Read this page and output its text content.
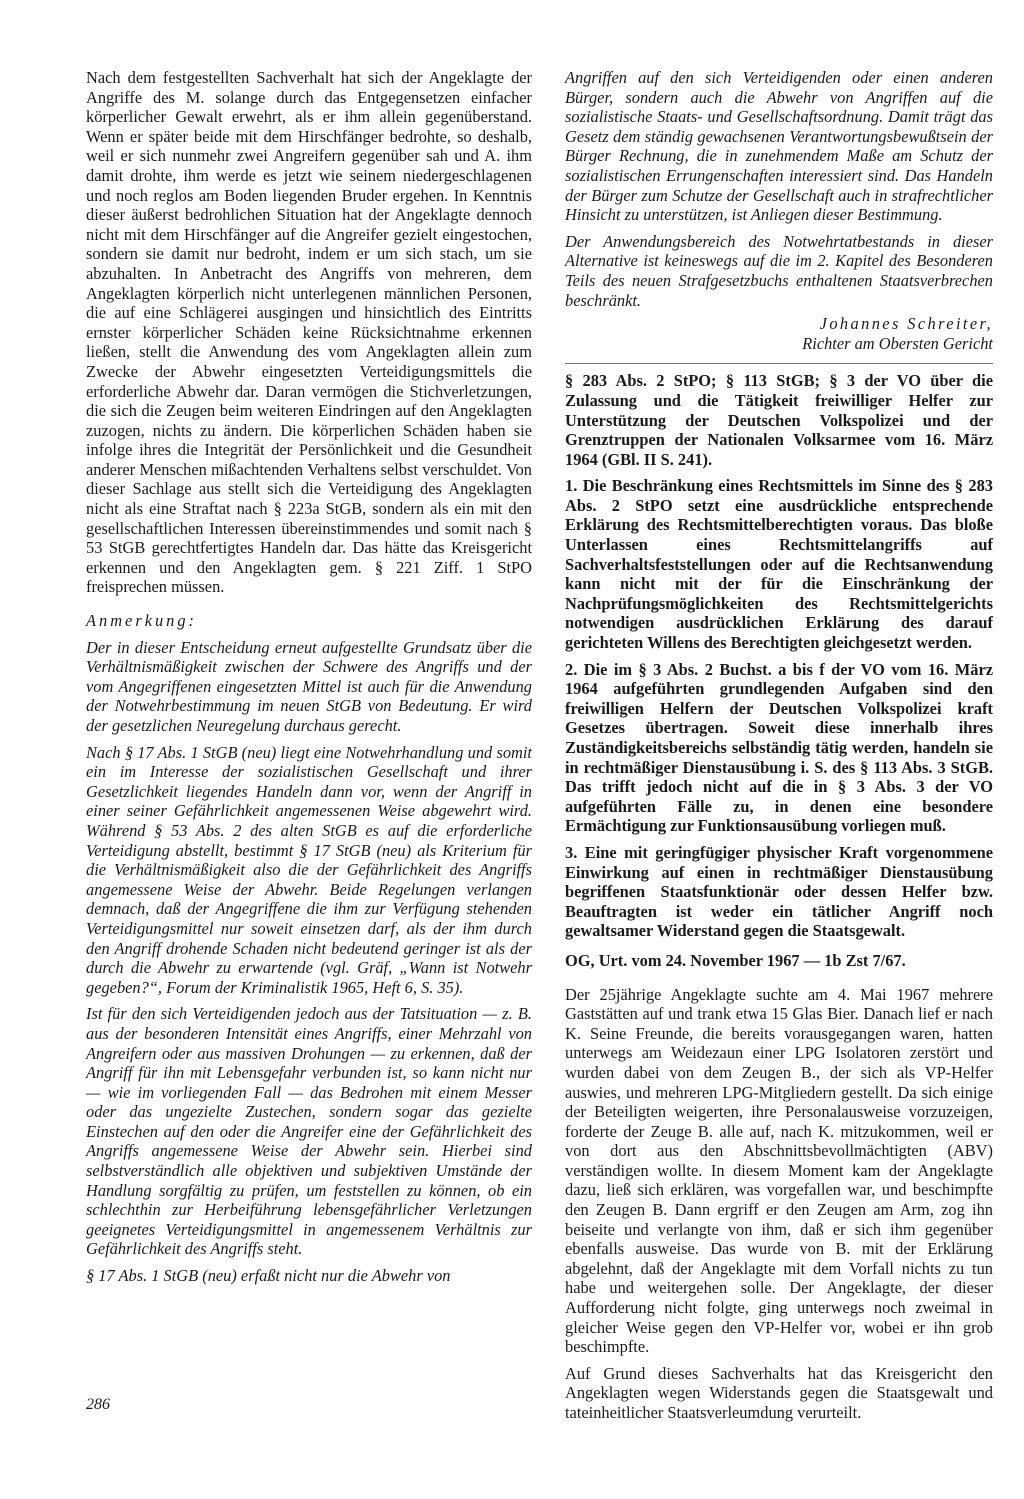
Nach dem festgestellten Sachverhalt hat sich der Angeklagte der Angriffe des M. solange durch das Entgegensetzen einfacher körperlicher Gewalt erwehrt, als er ihm allein gegenüberstand. Wenn er später beide mit dem Hirschfänger bedrohte, so deshalb, weil er sich nunmehr zwei Angreifern gegenüber sah und A. ihm damit drohte, ihm werde es jetzt wie seinem niedergeschlagenen und noch reglos am Boden liegenden Bruder ergehen. In Kenntnis dieser äußerst bedrohlichen Situation hat der Angeklagte dennoch nicht mit dem Hirschfänger auf die Angreifer gezielt eingestochen, sondern sie damit nur bedroht, indem er um sich stach, um sie abzuhalten. In Anbetracht des Angriffs von mehreren, dem Angeklagten körperlich nicht unterlegenen männlichen Personen, die auf eine Schlägerei ausgingen und hinsichtlich des Eintritts ernster körperlicher Schäden keine Rücksichtnahme erkennen ließen, stellt die Anwendung des vom Angeklagten allein zum Zwecke der Abwehr eingesetzten Verteidigungsmittels die erforderliche Abwehr dar. Daran vermögen die Stichverletzungen, die sich die Zeugen beim weiteren Eindringen auf den Angeklagten zuzogen, nichts zu ändern. Die körperlichen Schäden haben sie infolge ihres die Integrität der Persönlichkeit und die Gesundheit anderer Menschen mißachtenden Verhaltens selbst verschuldet. Von dieser Sachlage aus stellt sich die Verteidigung des Angeklagten nicht als eine Straftat nach § 223a StGB, sondern als ein mit den gesellschaftlichen Interessen übereinstimmendes und somit nach § 53 StGB gerechtfertigtes Handeln dar. Das hätte das Kreisgericht erkennen und den Angeklagten gem. § 221 Ziff. 1 StPO freisprechen müssen.

Anmerkung:

Der in dieser Entscheidung erneut aufgestellte Grundsatz über die Verhältnismäßigkeit zwischen der Schwere des Angriffs und der vom Angegriffenen eingesetzten Mittel ist auch für die Anwendung der Notwehrbestimmung im neuen StGB von Bedeutung. Er wird der gesetzlichen Neuregelung durchaus gerecht.

Nach § 17 Abs. 1 StGB (neu) liegt eine Notwehrhandlung und somit ein im Interesse der sozialistischen Gesellschaft und ihrer Gesetzlichkeit liegendes Handeln dann vor, wenn der Angriff in einer seiner Gefährlichkeit angemessenen Weise abgewehrt wird. Während § 53 Abs. 2 des alten StGB es auf die erforderliche Verteidigung abstellt, bestimmt § 17 StGB (neu) als Kriterium für die Verhältnismäßigkeit also die der Gefährlichkeit des Angriffs angemessene Weise der Abwehr. Beide Regelungen verlangen demnach, daß der Angegriffene die ihm zur Verfügung stehenden Verteidigungsmittel nur soweit einsetzen darf, als der ihm durch den Angriff drohende Schaden nicht bedeutend geringer ist als der durch die Abwehr zu erwartende (vgl. Gräf, „Wann ist Notwehr gegeben?“, Forum der Kriminalistik 1965, Heft 6, S. 35).

Ist für den sich Verteidigenden jedoch aus der Tatsituation — z. B. aus der besonderen Intensität eines Angriffs, einer Mehrzahl von Angreifern oder aus massiven Drohungen — zu erkennen, daß der Angriff für ihn mit Lebensgefahr verbunden ist, so kann nicht nur — wie im vorliegenden Fall — das Bedrohen mit einem Messer oder das ungezielte Zustechen, sondern sogar das gezielte Einstechen auf den oder die Angreifer eine der Gefährlichkeit des Angriffs angemessene Weise der Abwehr sein. Hierbei sind selbstverständlich alle objektiven und subjektiven Umstände der Handlung sorgfältig zu prüfen, um feststellen zu können, ob ein schlechthin zur Herbeiführung lebensgefährlicher Verletzungen geeignetes Verteidigungsmittel in angemessenem Verhältnis zur Gefährlichkeit des Angriffs steht.

§ 17 Abs. 1 StGB (neu) erfaßt nicht nur die Abwehr von

Angriffen auf den sich Verteidigenden oder einen anderen Bürger, sondern auch die Abwehr von Angriffen auf die sozialistische Staats- und Gesellschaftsordnung. Damit trägt das Gesetz dem ständig gewachsenen Verantwortungsbewußtsein der Bürger Rechnung, die in zunehmendem Maße am Schutz der sozialistischen Errungenschaften interessiert sind. Das Handeln der Bürger zum Schutze der Gesellschaft auch in strafrechtlicher Hinsicht zu unterstützen, ist Anliegen dieser Bestimmung.

Der Anwendungsbereich des Notwehrtatbestands in dieser Alternative ist keineswegs auf die im 2. Kapitel des Besonderen Teils des neuen Strafgesetzbuchs enthaltenen Staatsverbrechen beschränkt.

Johannes Schreiter,
Richter am Obersten Gericht

§ 283 Abs. 2 StPO; § 113 StGB; § 3 der VO über die Zulassung und die Tätigkeit freiwilliger Helfer zur Unterstützung der Deutschen Volkspolizei und der Grenztruppen der Nationalen Volksarmee vom 16. März 1964 (GBl. II S. 241).

1. Die Beschränkung eines Rechtsmittels im Sinne des § 283 Abs. 2 StPO setzt eine ausdrückliche entsprechende Erklärung des Rechtsmittelberechtigten voraus. Das bloße Unterlassen eines Rechtsmittelangriffs auf Sachverhaltsfeststellungen oder auf die Rechtsanwendung kann nicht mit der für die Einschränkung der Nachprüfungsmöglichkeiten des Rechtsmittelgerichts notwendigen ausdrücklichen Erklärung des darauf gerichteten Willens des Berechtigten gleichgesetzt werden.

2. Die im § 3 Abs. 2 Buchst. a bis f der VO vom 16. März 1964 aufgeführten grundlegenden Aufgaben sind den freiwilligen Helfern der Deutschen Volkspolizei kraft Gesetzes übertragen. Soweit diese innerhalb ihres Zuständigkeitsbereichs selbständig tätig werden, handeln sie in rechtmäßiger Dienstausübung i. S. des § 113 Abs. 3 StGB. Das trifft jedoch nicht auf die in § 3 Abs. 3 der VO aufgeführten Fälle zu, in denen eine besondere Ermächtigung zur Funktionsausübung vorliegen muß.

3. Eine mit geringfügiger physischer Kraft vorgenommene Einwirkung auf einen in rechtmäßiger Dienstausübung begriffenen Staatsfunktionär oder dessen Helfer bzw. Beauftragten ist weder ein tätlicher Angriff noch gewaltsamer Widerstand gegen die Staatsgewalt.

OG, Urt. vom 24. November 1967 — 1b Zst 7/67.

Der 25jährige Angeklagte suchte am 4. Mai 1967 mehrere Gaststätten auf und trank etwa 15 Glas Bier. Danach lief er nach K. Seine Freunde, die bereits vorausgegangen waren, hatten unterwegs am Weidezaun einer LPG Isolatoren zerstört und wurden dabei von dem Zeugen B., der sich als VP-Helfer auswies, und mehreren LPG-Mitgliedern gestellt. Da sich einige der Beteiligten weigerten, ihre Personalausweise vorzuzeigen, forderte der Zeuge B. alle auf, nach K. mitzukommen, weil er von dort aus den Abschnittsbevollmächtigten (ABV) verständigen wollte. In diesem Moment kam der Angeklagte dazu, ließ sich erklären, was vorgefallen war, und beschimpfte den Zeugen B. Dann ergriff er den Zeugen am Arm, zog ihn beiseite und verlangte von ihm, daß er sich ihm gegenüber ebenfalls ausweise. Das wurde von B. mit der Erklärung abgelehnt, daß der Angeklagte mit dem Vorfall nichts zu tun habe und weitergehen solle. Der Angeklagte, der dieser Aufforderung nicht folgte, ging unterwegs noch zweimal in gleicher Weise gegen den VP-Helfer vor, wobei er ihn grob beschimpfte.

Auf Grund dieses Sachverhalts hat das Kreisgericht den Angeklagten wegen Widerstands gegen die Staatsgewalt und tateinheitlicher Staatsverleumdung verurteilt.

286
